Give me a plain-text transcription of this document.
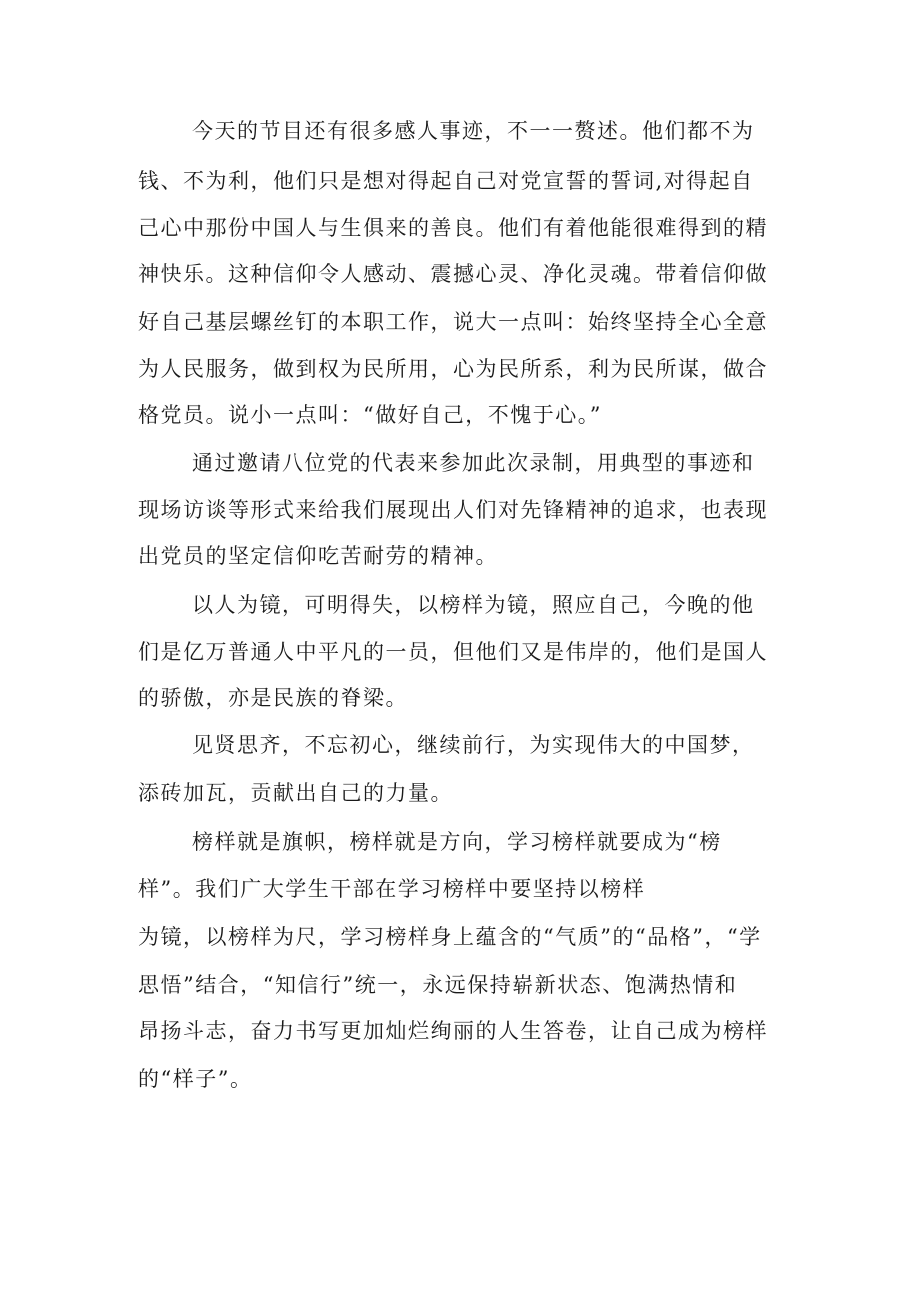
今天的节目还有很多感人事迹，不一一赘述。他们都不为

钱、不为利，他们只是想对得起自己对党宣誓的誓词,对得起自

己心中那份中国人与生俱来的善良。他们有着他能很难得到的精

神快乐。这种信仰令人感动、震撼心灵、净化灵魂。带着信仰做

好自己基层螺丝钉的本职工作，说大一点叫：始终坚持全心全意

为人民服务，做到权为民所用，心为民所系，利为民所谋，做合

格党员。说小一点叫：“做好自己，不愧于心。”

通过邀请八位党的代表来参加此次录制，用典型的事迹和

现场访谈等形式来给我们展现出人们对先锋精神的追求，也表现

出党员的坚定信仰吃苦耐劳的精神。

以人为镜，可明得失，以榜样为镜，照应自己，今晚的他

们是亿万普通人中平凡的一员，但他们又是伟岸的，他们是国人

的骄傲，亦是民族的脊梁。

见贤思齐，不忘初心，继续前行，为实现伟大的中国梦，

添砖加瓦，贡献出自己的力量。

榜样就是旗帜，榜样就是方向，学习榜样就要成为“榜

样”。我们广大学生干部在学习榜样中要坚持以榜样

为镜，以榜样为尺，学习榜样身上蕴含的“气质”的“品格”，“学

思悟”结合，“知信行”统一，永远保持崭新状态、饱满热情和

昂扬斗志，奋力书写更加灿烂绚丽的人生答卷，让自己成为榜样

的“样子”。
